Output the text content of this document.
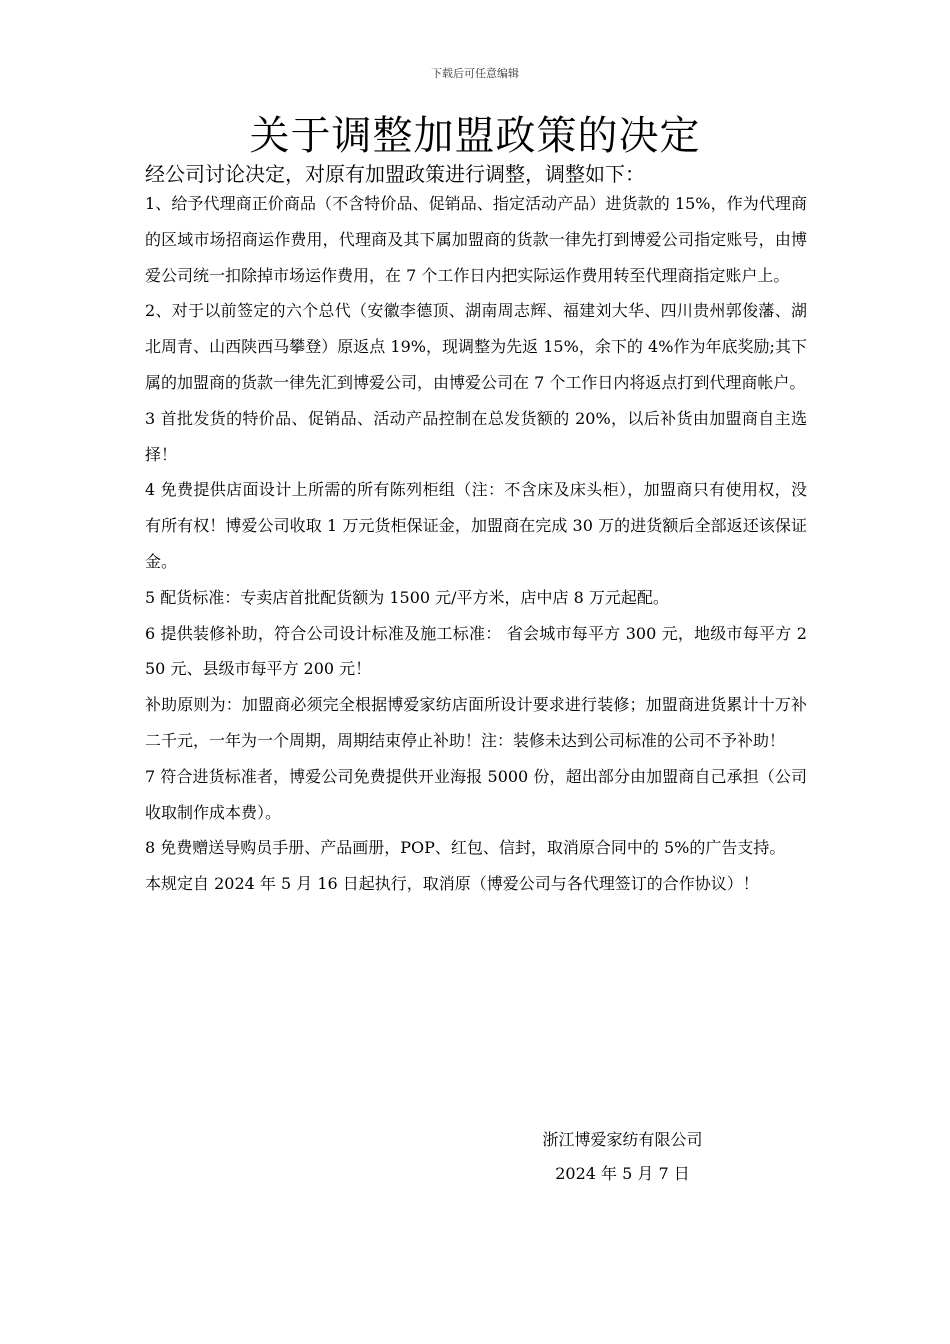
下载后可任意编辑
关于调整加盟政策的决定

经公司讨论决定，对原有加盟政策进行调整，调整如下：

1、给予代理商正价商品（不含特价品、促销品、指定活动产品）进货款的 15%，作为代理商的区域市场招商运作费用，代理商及其下属加盟商的货款一律先打到博爱公司指定账号，由博爱公司统一扣除掉市场运作费用，在 7 个工作日内把实际运作费用转至代理商指定账户上。

2、对于以前签定的六个总代（安徽李德顶、湖南周志辉、福建刘大华、四川贵州郭俊藩、湖北周青、山西陕西马攀登）原返点 19%，现调整为先返 15%，余下的 4%作为年底奖励;其下属的加盟商的货款一律先汇到博爱公司，由博爱公司在 7 个工作日内将返点打到代理商帐户。

3 首批发货的特价品、促销品、活动产品控制在总发货额的 20%，以后补货由加盟商自主选择！

4 免费提供店面设计上所需的所有陈列柜组（注：不含床及床头柜），加盟商只有使用权，没有所有权！博爱公司收取 1 万元货柜保证金，加盟商在完成 30 万的进货额后全部返还该保证金。

5 配货标准：专卖店首批配货额为 1500 元/平方米，店中店 8 万元起配。

6 提供装修补助，符合公司设计标准及施工标准： 省会城市每平方 300 元，地级市每平方 250 元、县级市每平方 200 元！

补助原则为：加盟商必须完全根据博爱家纺店面所设计要求进行装修；加盟商进货累计十万补二千元，一年为一个周期，周期结束停止补助！注：装修未达到公司标准的公司不予补助！

7 符合进货标准者，博爱公司免费提供开业海报 5000 份，超出部分由加盟商自己承担（公司收取制作成本费）。

8 免费赠送导购员手册、产品画册，POP、红包、信封，取消原合同中的 5%的广告支持。

本规定自 2024 年 5 月 16 日起执行，取消原（博爱公司与各代理签订的合作协议）！

浙江博爱家纺有限公司
2024 年 5 月 7 日
